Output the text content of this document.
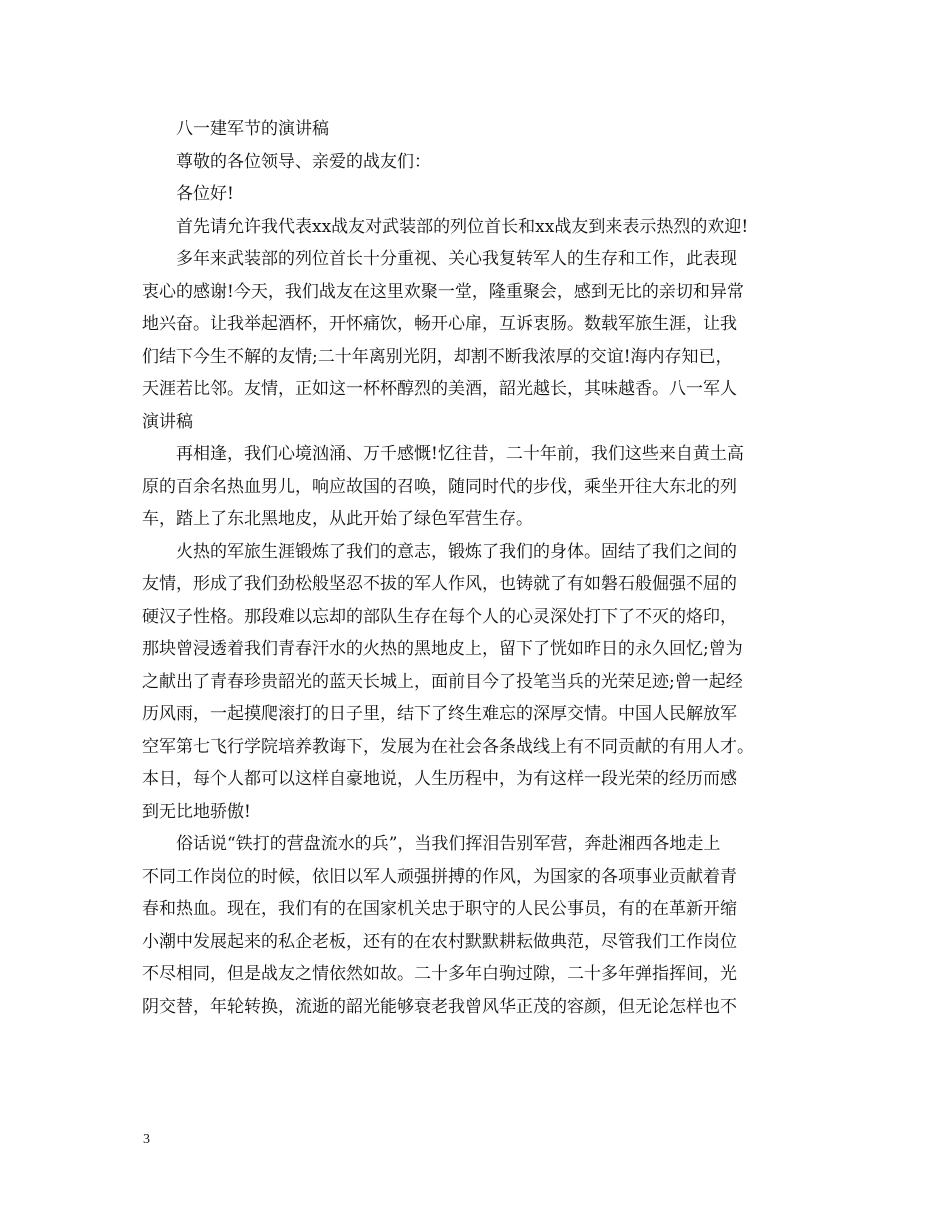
八一建军节的演讲稿

尊敬的各位领导、亲爱的战友们：

各位好!

首先请允许我代表xx战友对武装部的列位首长和xx战友到来表示热烈的欢迎!
多年来武装部的列位首长十分重视、关心我复转军人的生存和工作，此表现
衷心的感谢!今天，我们战友在这里欢聚一堂，隆重聚会，感到无比的亲切和异常
地兴奋。让我举起酒杯，开怀痛饮，畅开心扉，互诉衷肠。数载军旅生涯，让我
们结下今生不解的友情;二十年离别光阴，却割不断我浓厚的交谊!海内存知已，
天涯若比邻。友情，正如这一杯杯醇烈的美酒，韶光越长，其味越香。八一军人
演讲稿
再相逢，我们心境汹涌、万千感慨!忆往昔，二十年前，我们这些来自黄土高
原的百余名热血男儿，响应故国的召唤，随同时代的步伐，乘坐开往大东北的列
车，踏上了东北黑地皮，从此开始了绿色军营生存。
火热的军旅生涯锻炼了我们的意志，锻炼了我们的身体。固结了我们之间的
友情，形成了我们劲松般坚忍不拔的军人作风，也铸就了有如磐石般倔强不屈的
硬汉子性格。那段难以忘却的部队生存在每个人的心灵深处打下了不灭的烙印，
那块曾浸透着我们青春汗水的火热的黑地皮上，留下了恍如昨日的永久回忆;曾为
之献出了青春珍贵韶光的蓝天长城上，面前目今了投笔当兵的光荣足迹;曾一起经
历风雨，一起摸爬滚打的日子里，结下了终生难忘的深厚交情。中国人民解放军
空军第七飞行学院培养教诲下，发展为在社会各条战线上有不同贡献的有用人才。
本日，每个人都可以这样自豪地说，人生历程中，为有这样一段光荣的经历而感
到无比地骄傲!
俗话说“铁打的营盘流水的兵”，当我们挥泪告别军营，奔赴湘西各地走上
不同工作岗位的时候，依旧以军人顽强拼搏的作风，为国家的各项事业贡献着青
春和热血。现在，我们有的在国家机关忠于职守的人民公事员，有的在革新开缩
小潮中发展起来的私企老板，还有的在农村默默耕耘做典范，尽管我们工作岗位
不尽相同，但是战友之情依然如故。二十多年白驹过隙，二十多年弹指挥间，光
阴交替，年轮转换，流逝的韶光能够衰老我曾风华正茂的容颜，但无论怎样也不
3
